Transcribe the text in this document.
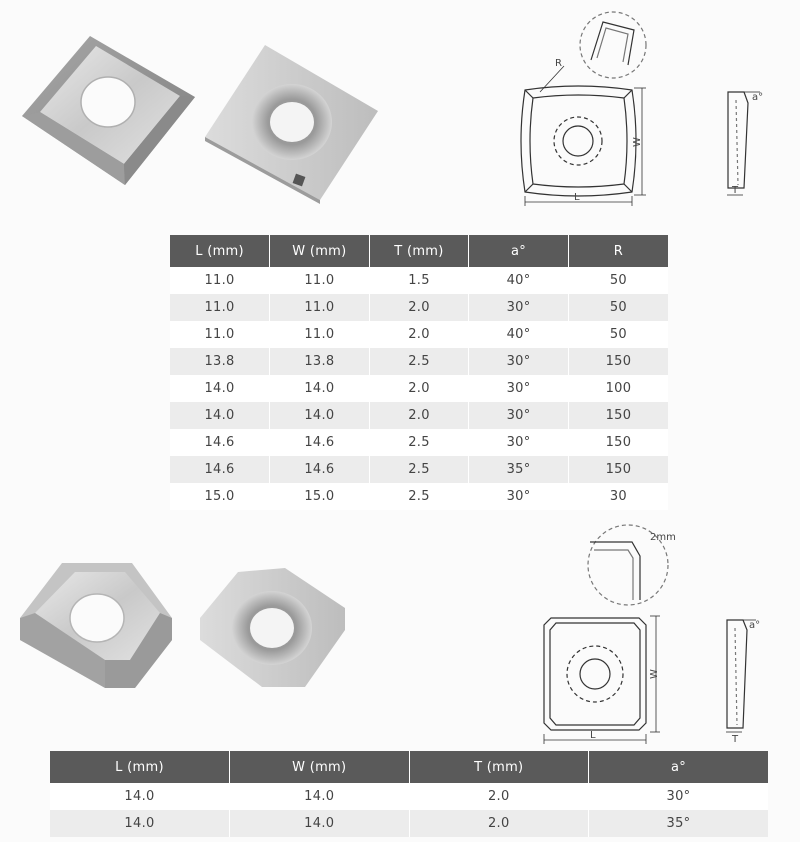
R
W
L
a°
T
2mm
W
L
a°
T
L (mm)	W (mm)	T (mm)	a°	R
11.0	11.0	1.5	40°	50
11.0	11.0	2.0	30°	50
11.0	11.0	2.0	40°	50
13.8	13.8	2.5	30°	150
14.0	14.0	2.0	30°	100
14.0	14.0	2.0	30°	150
14.6	14.6	2.5	30°	150
14.6	14.6	2.5	35°	150
15.0	15.0	2.5	30°	30
L (mm)	W (mm)	T (mm)	a°
14.0	14.0	2.0	30°
14.0	14.0	2.0	35°
